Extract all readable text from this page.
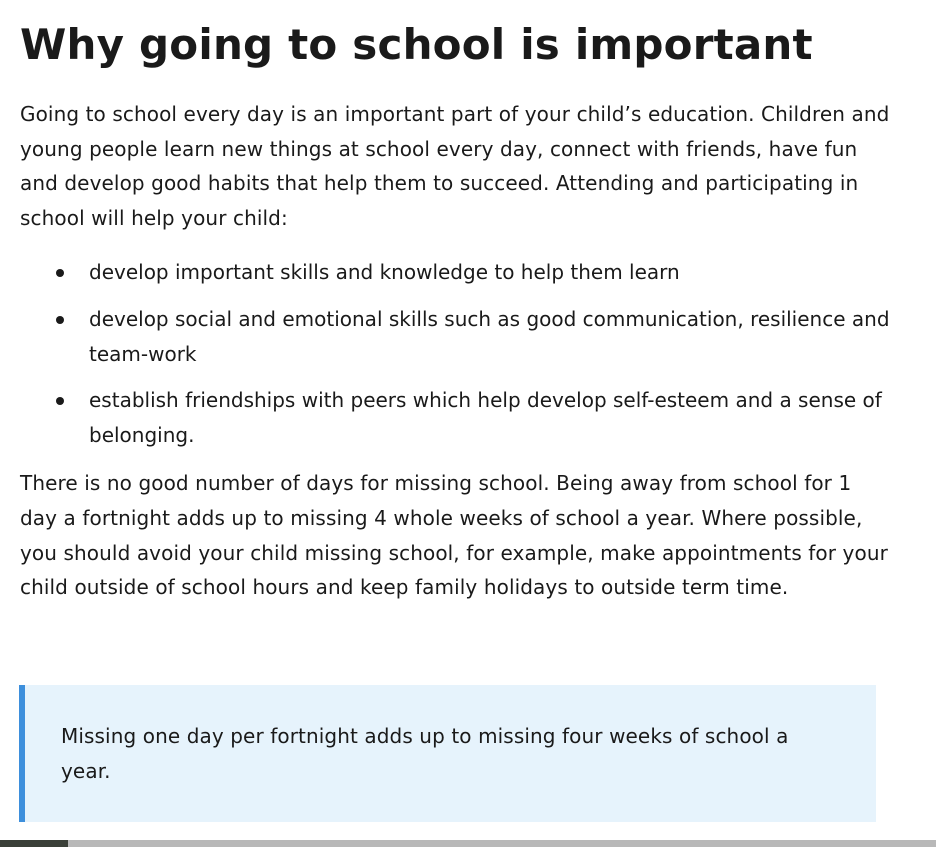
Why going to school is important

Going to school every day is an important part of your child’s education. Children and young people learn new things at school every day, connect with friends, have fun and develop good habits that help them to succeed. Attending and participating in school will help your child:

develop important skills and knowledge to help them learn
develop social and emotional skills such as good communication, resilience and team-work
establish friendships with peers which help develop self-esteem and a sense of belonging.

There is no good number of days for missing school. Being away from school for 1 day a fortnight adds up to missing 4 whole weeks of school a year. Where possible, you should avoid your child missing school, for example, make appointments for your child outside of school hours and keep family holidays to outside term time.

Missing one day per fortnight adds up to missing four weeks of school a year.
